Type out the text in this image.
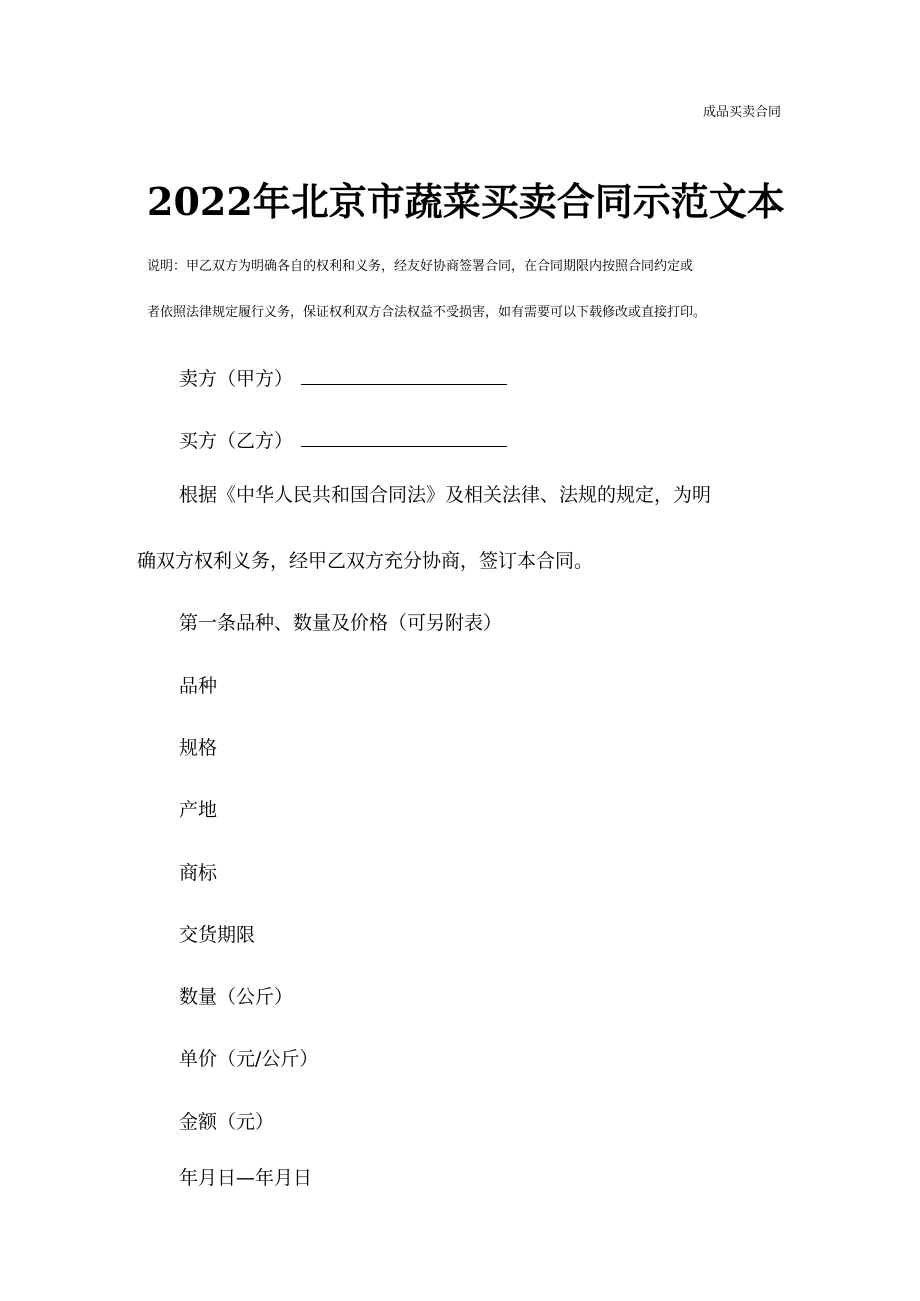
成品买卖合同
2022年北京市蔬菜买卖合同示范文本
说明：甲乙双方为明确各自的权利和义务，经友好协商签署合同，在合同期限内按照合同约定或
者依照法律规定履行义务，保证权利双方合法权益不受损害，如有需要可以下载修改或直接打印。
卖方（甲方）
买方（乙方）
根据《中华人民共和国合同法》及相关法律、法规的规定，为明
确双方权利义务，经甲乙双方充分协商，签订本合同。
第一条品种、数量及价格（可另附表）
品种
规格
产地
商标
交货期限
数量（公斤）
单价（元/公斤）
金额（元）
年月日—年月日
